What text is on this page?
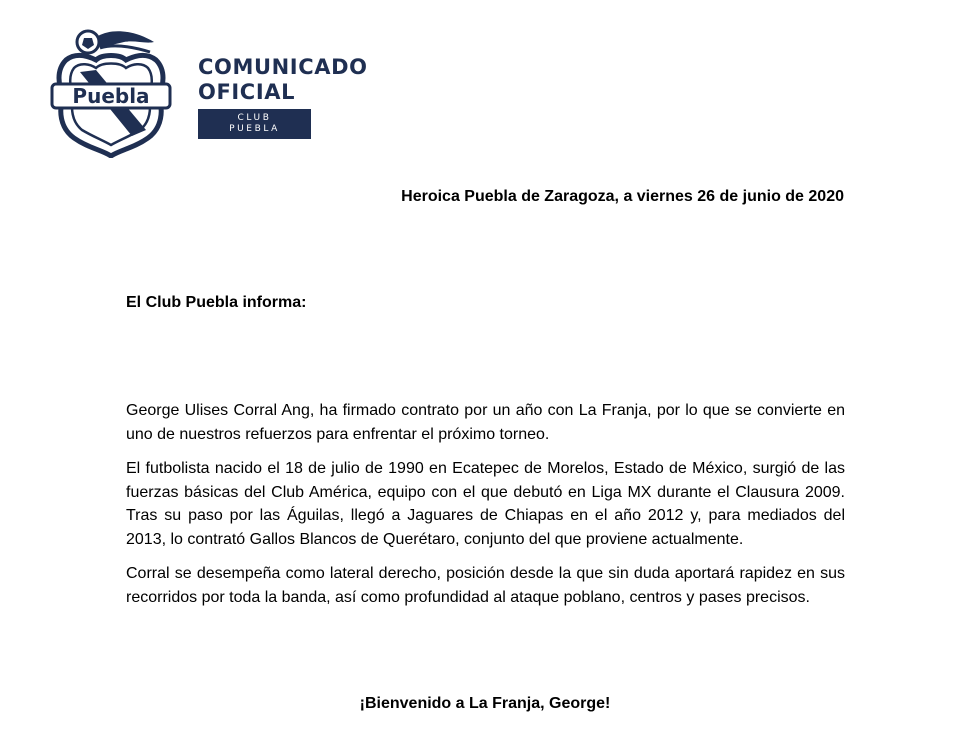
Puebla
COMUNICADO
OFICIAL
CLUB PUEBLA
Heroica Puebla de Zaragoza, a viernes 26 de junio de 2020
El Club Puebla informa:

George Ulises Corral Ang, ha firmado contrato por un año con La Franja, por lo que se convierte en uno de nuestros refuerzos para enfrentar el próximo torneo.

El futbolista nacido el 18 de julio de 1990 en Ecatepec de Morelos, Estado de México, surgió de las fuerzas básicas del Club América, equipo con el que debutó en Liga MX durante el Clausura 2009. Tras su paso por las Águilas, llegó a Jaguares de Chiapas en el año 2012 y, para mediados del 2013, lo contrató Gallos Blancos de Querétaro, conjunto del que proviene actualmente.

Corral se desempeña como lateral derecho, posición desde la que sin duda aportará rapidez en sus recorridos por toda la banda, así como profundidad al ataque poblano, centros y pases precisos.

¡Bienvenido a La Franja, George!
